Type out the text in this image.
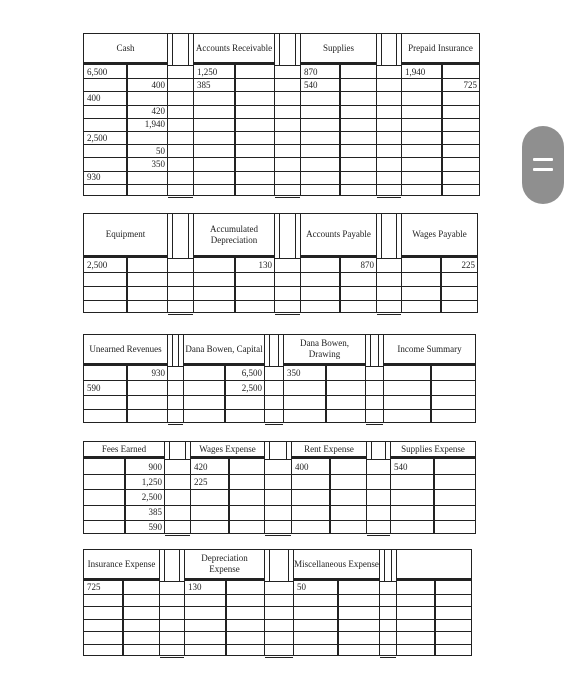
Cash
6,500
400
400
420
1,940
2,500
50
350
930
Accounts Receivable
1,250
385
Supplies
870
540
Prepaid Insurance
1,940
725
Equipment
2,500
Accumulated Depreciation
130
Accounts Payable
870
Wages Payable
225
Unearned Revenues
930
590
Dana Bowen, Capital
6,500
2,500
Dana Bowen, Drawing
350
Income Summary
Fees Earned
900
1,250
2,500
385
590
Wages Expense
420
225
Rent Expense
400
Supplies Expense
540
Insurance Expense
725
Depreciation Expense
130
Miscellaneous Expense
50
